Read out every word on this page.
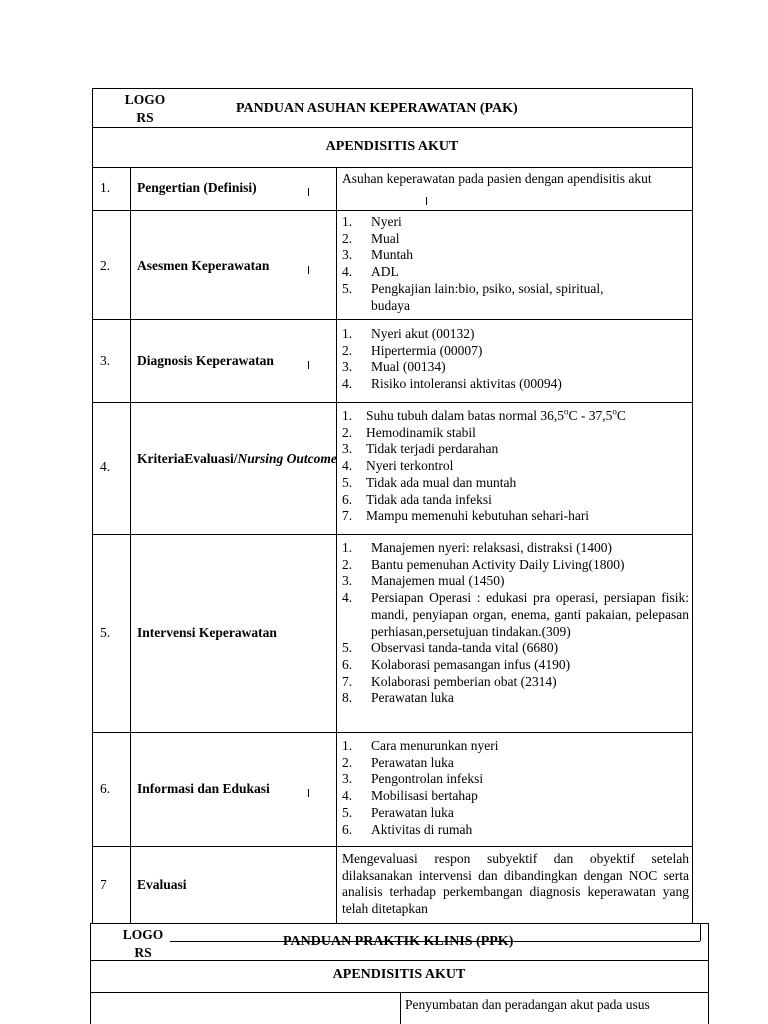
LOGO
RS
PANDUAN ASUHAN KEPERAWATAN (PAK)
APENDISITIS AKUT
1. Pengertian (Definisi)
Asuhan keperawatan pada pasien dengan apendisitis akut
2. Asesmen Keperawatan
1. Nyeri
2. Mual
3. Muntah
4. ADL
5. Pengkajian lain:bio, psiko, sosial, spiritual, budaya
3. Diagnosis Keperawatan
1. Nyeri akut (00132)
2. Hipertermia (00007)
3. Mual (00134)
4. Risiko intoleransi aktivitas (00094)
4.
KriteriaEvaluasi/Nursing Outcome
1. Suhu tubuh dalam batas normal 36,5$^o$C - 37,5$^o$C
2. Hemodinamik stabil
3. Tidak terjadi perdarahan
4. Nyeri terkontrol
5. Tidak ada mual dan muntah
6. Tidak ada tanda infeksi
7. Mampu memenuhi kebutuhan sehari-hari
5. Intervensi Keperawatan
1. Manajemen nyeri: relaksasi, distraksi (1400)
2. Bantu pemenuhan Activity Daily Living(1800)
3. Manajemen mual (1450)
4. Persiapan Operasi : edukasi pra operasi, persiapan fisik: mandi, penyiapan organ, enema, ganti pakaian, pelepasan perhiasan,persetujuan tindakan.(309)
5. Observasi tanda-tanda vital (6680)
6. Kolaborasi pemasangan infus (4190)
7. Kolaborasi pemberian obat (2314)
8. Perawatan luka
6. Informasi dan Edukasi
1. Cara menurunkan nyeri
2. Perawatan luka
3. Pengontrolan infeksi
4. Mobilisasi bertahap
5. Perawatan luka
6. Aktivitas di rumah
7 Evaluasi
Mengevaluasi respon subyektif dan obyektif setelah dilaksanakan intervensi dan dibandingkan dengan NOC serta analisis terhadap perkembangan diagnosis keperawatan yang telah ditetapkan
LOGO
RS
PANDUAN PRAKTIK KLINIS (PPK)
APENDISITIS AKUT
Penyumbatan dan peradangan akut pada usus
